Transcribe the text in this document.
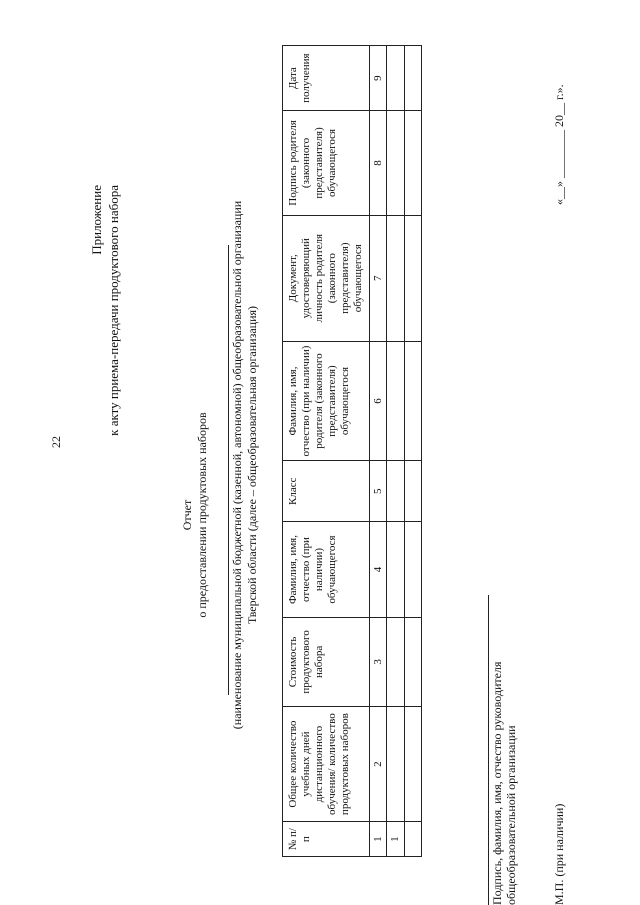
22
Приложение к акту приема-передачи продуктового набора
Отчет о предоставлении продуктовых наборов (наименование муниципальной бюджетной (казенной, автономной) общеобразовательной организации Тверской области (далее – общеобразовательная организация)
№ п/п	Общее количество учебных дней дистанционного обучения/ количество продуктовых наборов	Стоимость продуктового набора	Фамилия, имя, отчество (при наличии) обучающегося	Класс	Фамилия, имя, отчество (при наличии) родителя (законного представителя) обучающегося	Документ, удостоверяющий личность родителя (законного представителя) обучающегося	Подпись родителя (законного представителя) обучающегося	Дата получения
1	2	3	4	5	6	7	8	9
1								
									Подпись, фамилия, имя, отчество руководителя общеобразовательной организации	М.П. (при наличии)
«__» ________ 20__ г.».
